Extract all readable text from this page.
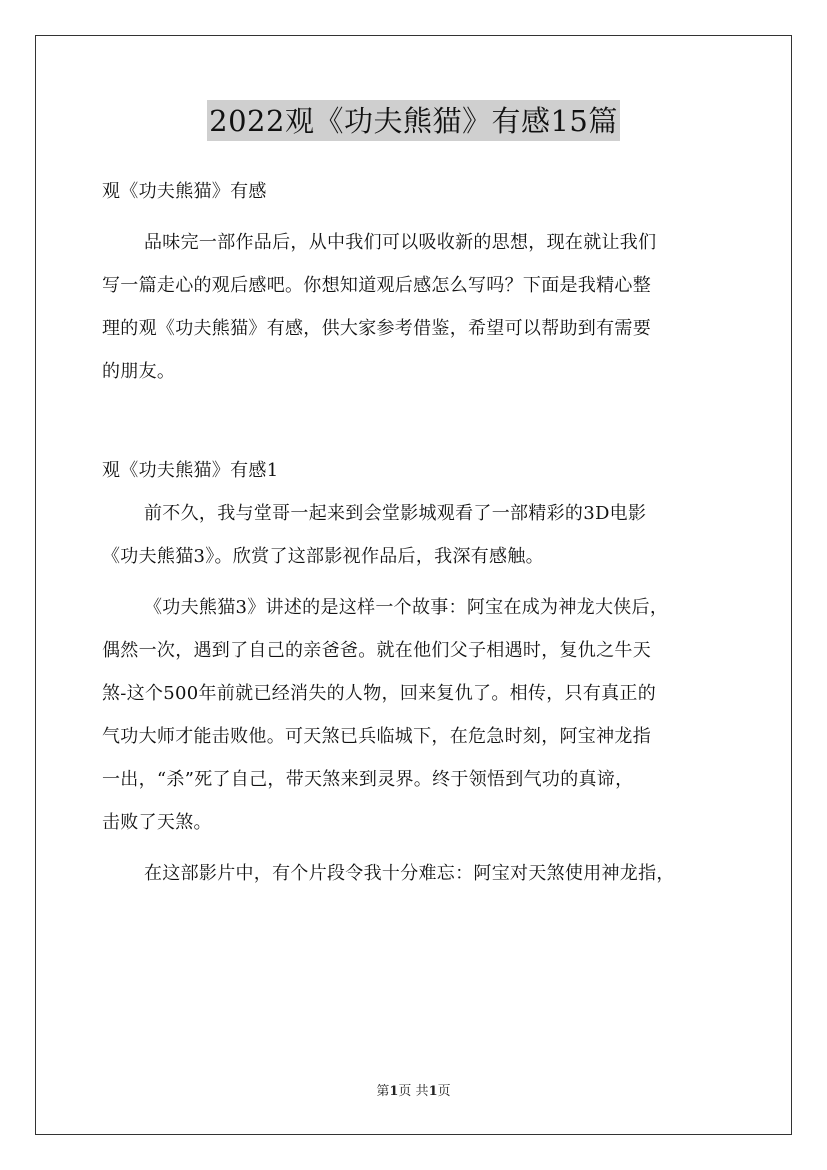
2022观《功夫熊猫》有感15篇

观《功夫熊猫》有感

品味完一部作品后，从中我们可以吸收新的思想，现在就让我们
写一篇走心的观后感吧。你想知道观后感怎么写吗？下面是我精心整
理的观《功夫熊猫》有感，供大家参考借鉴，希望可以帮助到有需要
的朋友。

观《功夫熊猫》有感1

前不久，我与堂哥一起来到会堂影城观看了一部精彩的3D电影
《功夫熊猫3》。欣赏了这部影视作品后，我深有感触。

《功夫熊猫3》讲述的是这样一个故事：阿宝在成为神龙大侠后，
偶然一次，遇到了自己的亲爸爸。就在他们父子相遇时，复仇之牛天
煞-这个500年前就已经消失的人物，回来复仇了。相传，只有真正的
气功大师才能击败他。可天煞已兵临城下，在危急时刻，阿宝神龙指
一出，“杀”死了自己，带天煞来到灵界。终于领悟到气功的真谛，
击败了天煞。

在这部影片中，有个片段令我十分难忘：阿宝对天煞使用神龙指，

第1页 共1页
